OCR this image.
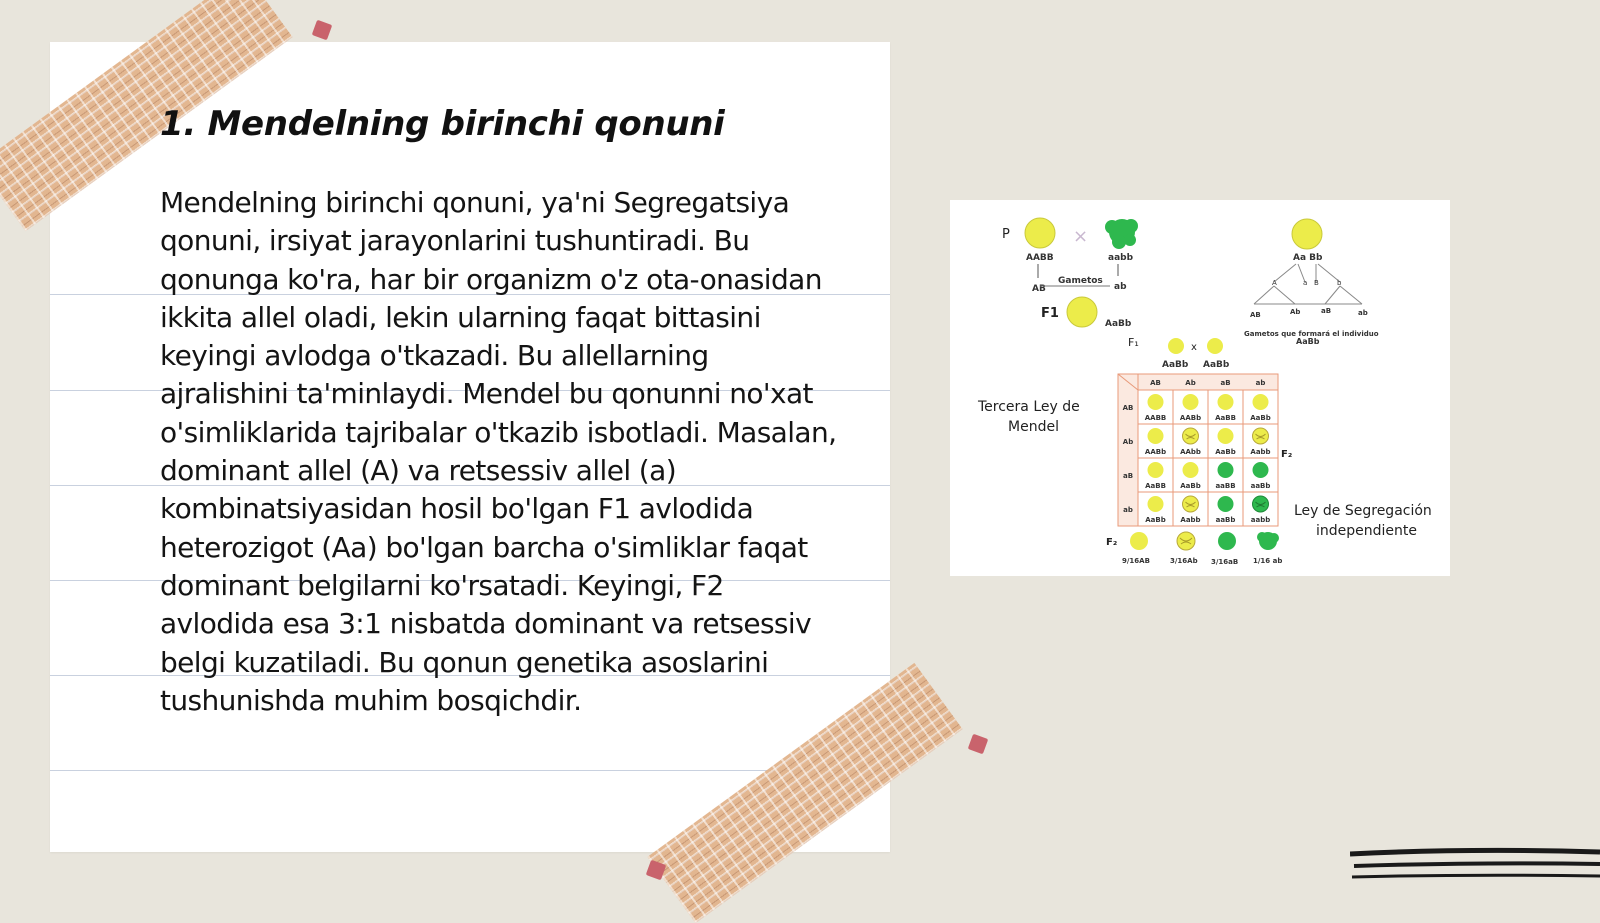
1. Mendelning birinchi qonuni

Mendelning birinchi qonuni, ya'ni Segregatsiya qonuni, irsiyat jarayonlarini tushuntiradi. Bu qonunga ko'ra, har bir organizm o'z ota-onasidan ikkita allel oladi, lekin ularning faqat bittasini keyingi avlodga o'tkazadi. Bu allellarning ajralishini ta'minlaydi. Mendel bu qonunni no'xat o'simliklarida tajribalar o'tkazib isbotladi. Masalan, dominant allel (A) va retsessiv allel (a) kombinatsiyasidan hosil bo'lgan F1 avlodida heterozigot (Aa) bo'lgan barcha o'simliklar faqat dominant belgilarni ko'rsatadi. Keyingi, F2 avlodida esa 3:1 nisbatda dominant va retsessiv belgi kuzatiladi. Bu qonun genetika asoslarini tushunishda muhim bosqichdir.

P	×
AABB	aabb
Gametos
AB	ab
F1
AaBb
F₁	x
AaBb AaBb
Aa Bb
A	a B	b
AB	Ab	aB	ab
Gametos que formará el individuo
AaBb
Tercera Ley de
Mendel
Ley de Segregación
independiente
AB	Ab	aB	ab
AB
AABB AABb AaBB AaBb
Ab
AABb AAbb AaBb Aabb
aB
AaBB AaBb aaBB aaBb
ab
AaBb Aabb aaBb aabb
F₂
F₂
9/16AB	3/16Ab 3/16aB 1/16 ab
